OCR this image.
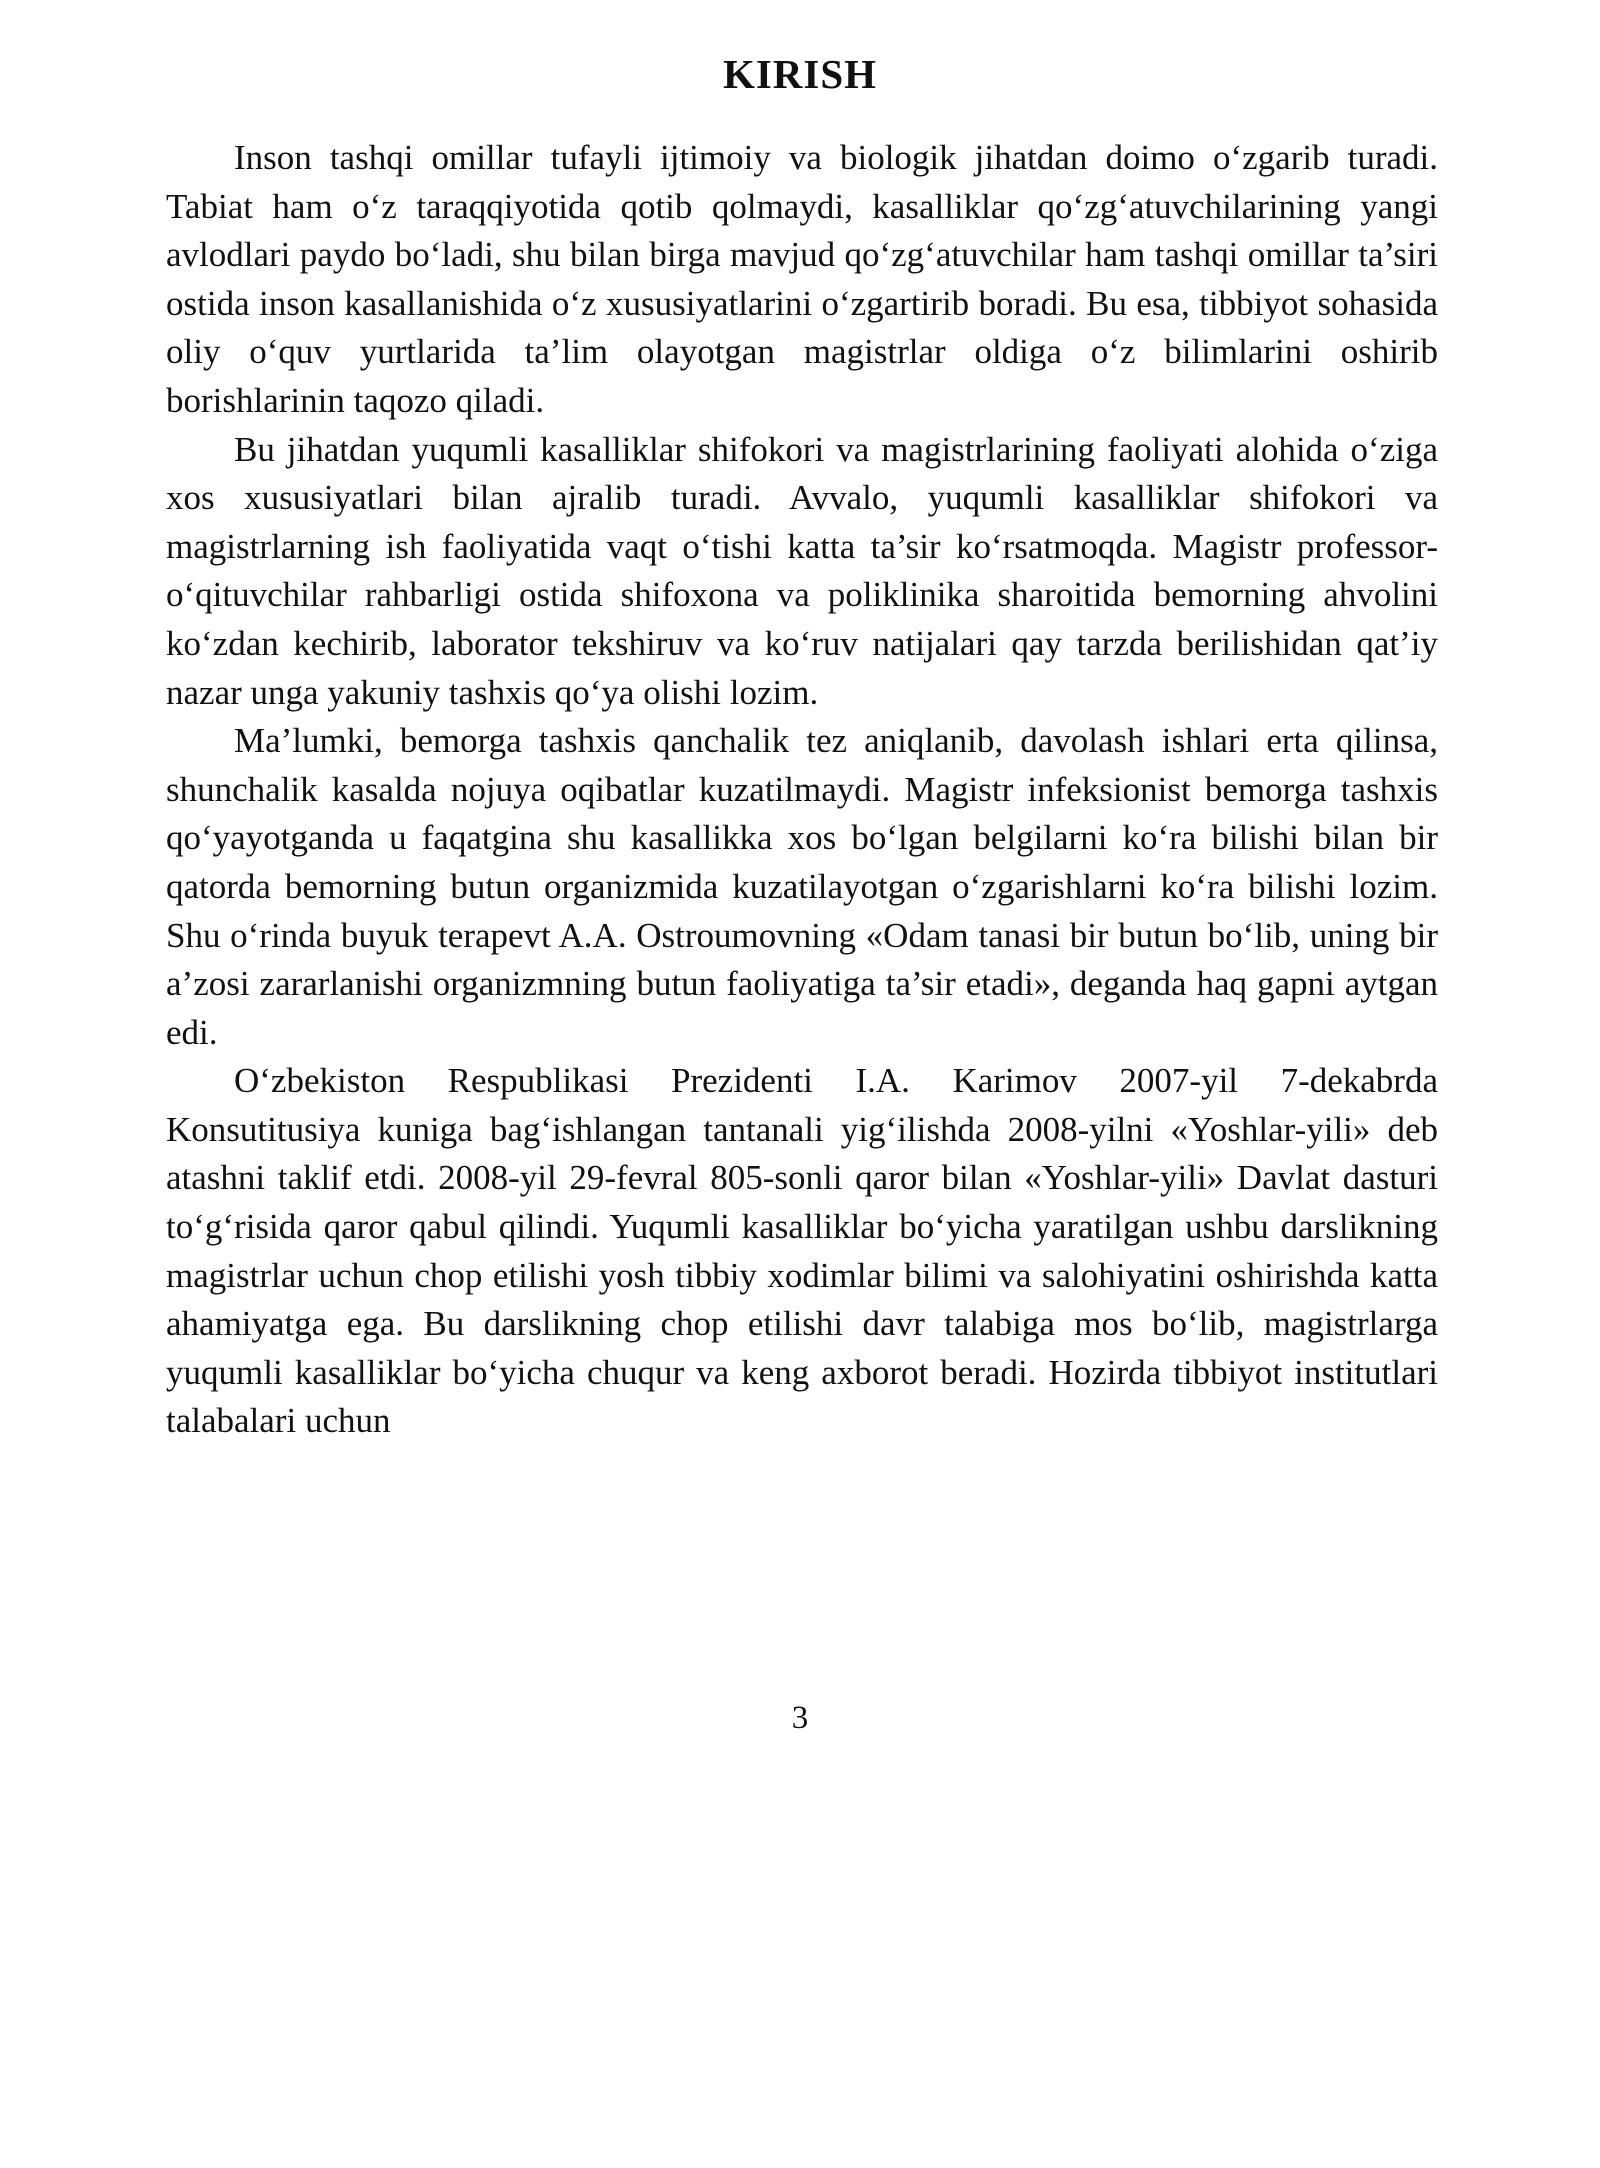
KIRISH

Inson tashqi omillar tufayli ijtimoiy va biologik jihatdan doimo o‘zgarib turadi. Tabiat ham o‘z taraqqiyotida qotib qolmaydi, kasalliklar qo‘zg‘atuvchilarining yangi avlodlari paydo bo‘ladi, shu bilan birga mavjud qo‘zg‘atuvchilar ham tashqi omillar ta’siri ostida inson kasallanishida o‘z xususiyatlarini o‘zgartirib boradi. Bu esa, tibbiyot sohasida oliy o‘quv yurtlarida ta’lim olayotgan magistrlar oldiga o‘z bilimlarini oshirib borishlarinin taqozo qiladi.

Bu jihatdan yuqumli kasalliklar shifokori va magistrlarining faoliyati alohida o‘ziga xos xususiyatlari bilan ajralib turadi. Avvalo, yuqumli kasalliklar shifokori va magistrlarning ish faoliyatida vaqt o‘tishi katta ta’sir ko‘rsatmoqda. Magistr professor-o‘qituvchilar rahbarligi ostida shifoxona va poliklinika sharoitida bemorning ahvolini ko‘zdan kechirib, laborator tekshiruv va ko‘ruv natijalari qay tarzda berilishidan qat’iy nazar unga yakuniy tashxis qo‘ya olishi lozim.

Ma’lumki, bemorga tashxis qanchalik tez aniqlanib, davolash ishlari erta qilinsa, shunchalik kasalda nojuya oqibatlar kuzatilmaydi. Magistr infeksionist bemorga tashxis qo‘yayotganda u faqatgina shu kasallikka xos bo‘lgan belgilarni ko‘ra bilishi bilan bir qatorda bemorning butun organizmida kuzatilayotgan o‘zgarishlarni ko‘ra bilishi lozim. Shu o‘rinda buyuk terapevt A.A. Ostroumovning «Odam tanasi bir butun bo‘lib, uning bir a’zosi zararlanishi organizmning butun faoliyatiga ta’sir etadi», deganda haq gapni aytgan edi.

O‘zbekiston Respublikasi Prezidenti I.A. Karimov 2007-yil 7-dekabrda Konsutitusiya kuniga bag‘ishlangan tantanali yig‘ilishda 2008-yilni «Yoshlar-yili» deb atashni taklif etdi. 2008-yil 29-fevral 805-sonli qaror bilan «Yoshlar-yili» Davlat dasturi to‘g‘risida qaror qabul qilindi. Yuqumli kasalliklar bo‘yicha yaratilgan ushbu darslikning magistrlar uchun chop etilishi yosh tibbiy xodimlar bilimi va salohiyatini oshirishda katta ahamiyatga ega. Bu darslikning chop etilishi davr talabiga mos bo‘lib, magistrlarga yuqumli kasalliklar bo‘yicha chuqur va keng axborot beradi. Hozirda tibbiyot institutlari talabalari uchun

3
